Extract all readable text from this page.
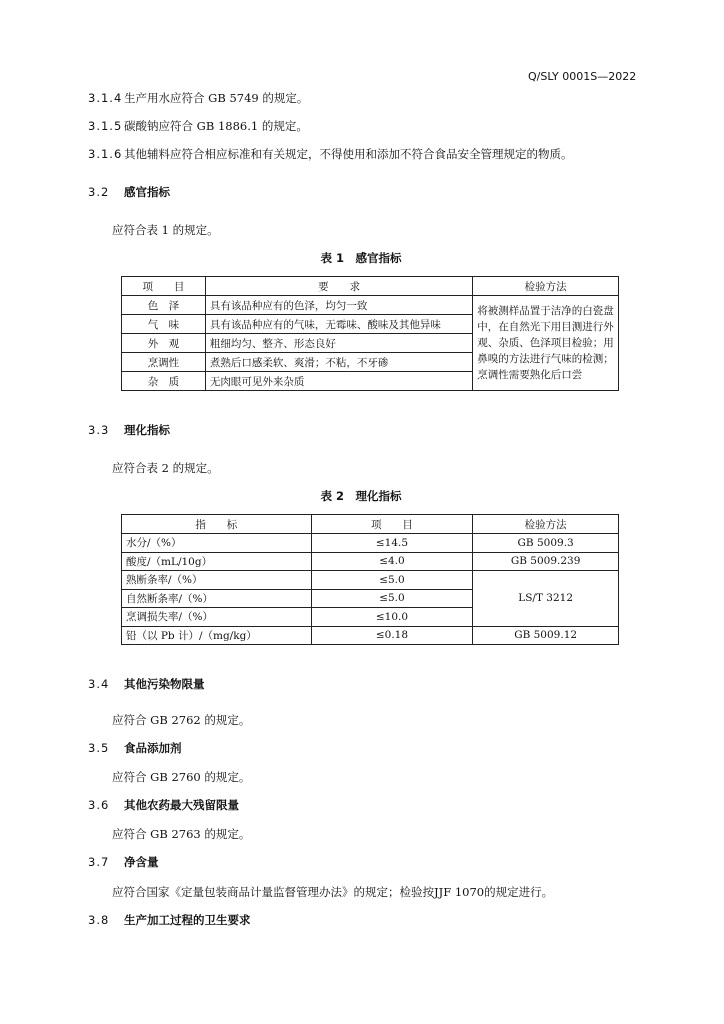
Q/SLY 0001S—2022
3.1.4 生产用水应符合 GB 5749 的规定。
3.1.5 碳酸钠应符合 GB 1886.1 的规定。
3.1.6 其他辅料应符合相应标准和有关规定，不得使用和添加不符合食品安全管理规定的物质。
3.2 感官指标
应符合表 1 的规定。
表 1　感官指标
项　　目	要　　求	检验方法
色　泽	具有该品种应有的色泽，均匀一致	将被测样品置于洁净的白瓷盘中，在自然光下用目测进行外观、杂质、色泽项目检验；用鼻嗅的方法进行气味的检测；烹调性需要熟化后口尝
气　味	具有该品种应有的气味，无霉味、酸味及其他异味	
外　观	粗细均匀、整齐、形态良好	
烹调性	煮熟后口感柔软、爽滑；不粘，不牙碜	
杂　质	无肉眼可见外来杂质	
3.3 理化指标
应符合表 2 的规定。
表 2　理化指标
指　　标	项　　目	检验方法
水分/（%）	≤14.5	GB 5009.3
酸度/（mL/10g）	≤4.0	GB 5009.239
熟断条率/（%）	≤5.0	LS/T 3212
自然断条率/（%）	≤5.0	
烹调损失率/（%）	≤10.0	
铅（以 Pb 计）/（mg/kg）	≤0.18	GB 5009.12
3.4 其他污染物限量
应符合 GB 2762 的规定。
3.5 食品添加剂
应符合 GB 2760 的规定。
3.6 其他农药最大残留限量
应符合 GB 2763 的规定。
3.7 净含量
应符合国家《定量包装商品计量监督管理办法》的规定；检验按JJF 1070的规定进行。
3.8 生产加工过程的卫生要求
